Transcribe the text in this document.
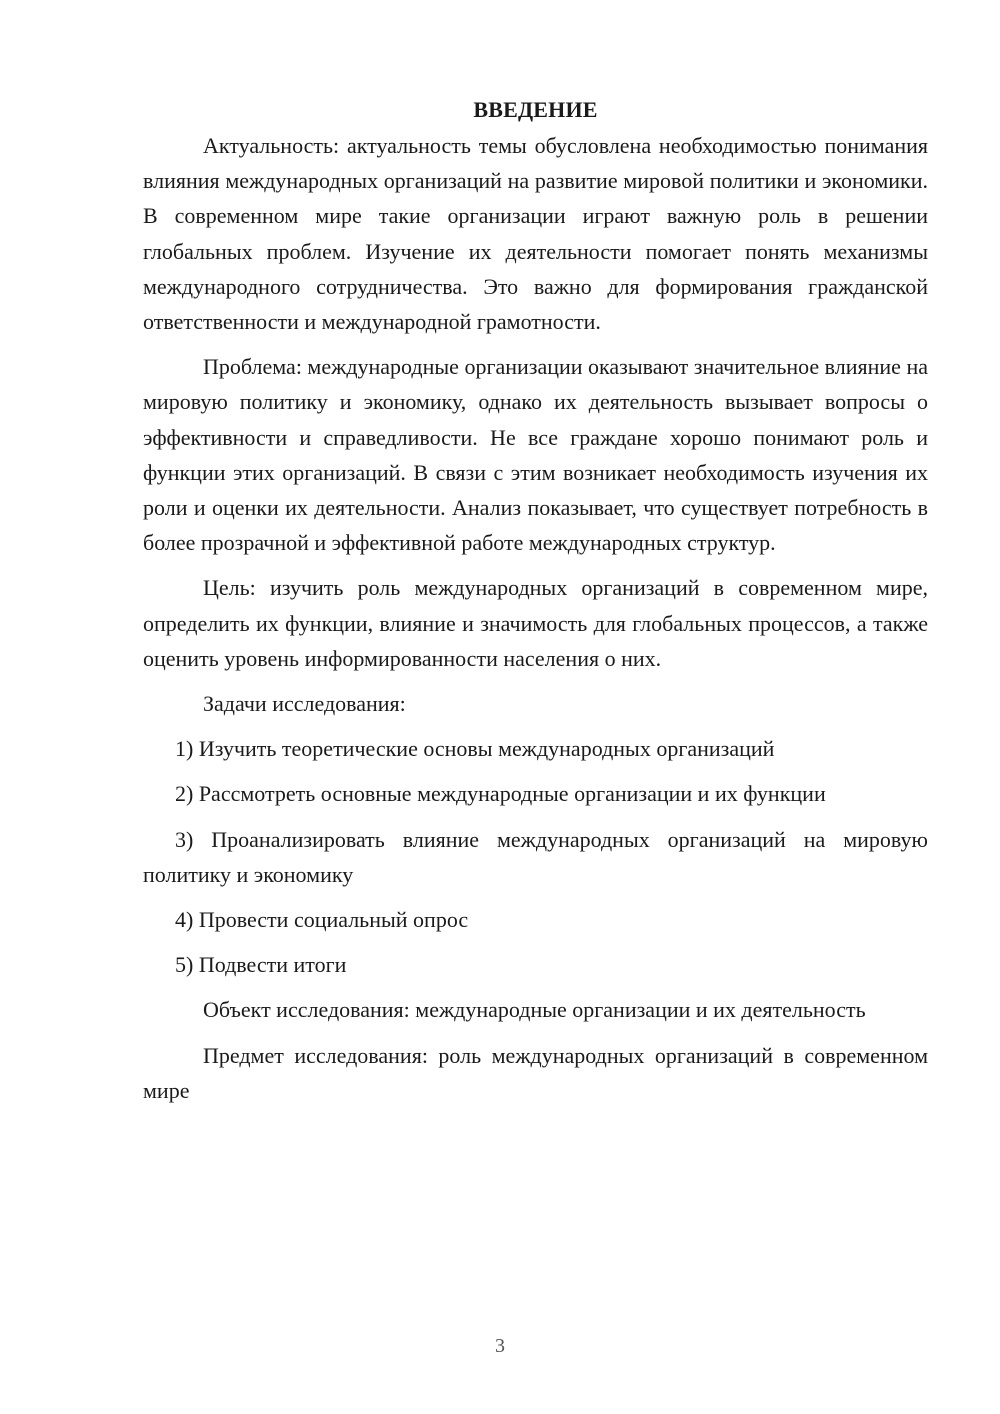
ВВЕДЕНИЕ

Актуальность: актуальность темы обусловлена необходимостью понимания влияния международных организаций на развитие мировой политики и экономики. В современном мире такие организации играют важную роль в решении глобальных проблем. Изучение их деятельности помогает понять механизмы международного сотрудничества. Это важно для формирования гражданской ответственности и международной грамотности.

Проблема: международные организации оказывают значительное влияние на мировую политику и экономику, однако их деятельность вызывает вопросы о эффективности и справедливости. Не все граждане хорошо понимают роль и функции этих организаций. В связи с этим возникает необходимость изучения их роли и оценки их деятельности. Анализ показывает, что существует потребность в более прозрачной и эффективной работе международных структур.

Цель: изучить роль международных организаций в современном мире, определить их функции, влияние и значимость для глобальных процессов, а также оценить уровень информированности населения о них.

Задачи исследования:

1) Изучить теоретические основы международных организаций

2) Рассмотреть основные международные организации и их функции

3) Проанализировать влияние международных организаций на мировую политику и экономику

4) Провести социальный опрос

5) Подвести итоги

Объект исследования: международные организации и их деятельность

Предмет исследования: роль международных организаций в современном мире

3
